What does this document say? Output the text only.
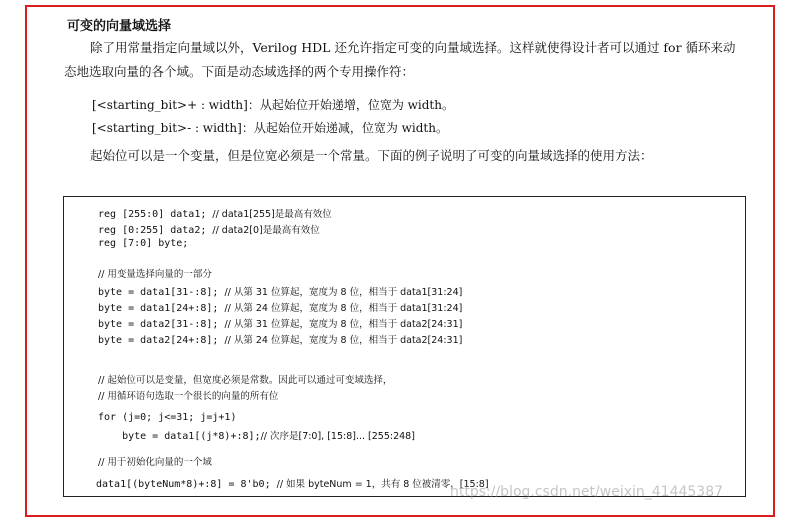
可变的向量域选择
除了用常量指定向量域以外，Verilog HDL 还允许指定可变的向量域选择。这样就使得设计者可以通过 for 循环来动态地选取向量的各个域。下面是动态域选择的两个专用操作符：
[<starting_bit>+ : width]：从起始位开始递增，位宽为 width。
[<starting_bit>- : width]：从起始位开始递减，位宽为 width。
起始位可以是一个变量，但是位宽必须是一个常量。下面的例子说明了可变的向量域选择的使用方法：
reg [255:0] data1; // data1[255]是最高有效位
reg [0:255] data2; // data2[0]是最高有效位
reg [7:0] byte;
// 用变量选择向量的一部分
byte = data1[31-:8]; // 从第 31 位算起，宽度为 8 位，相当于 data1[31:24]
byte = data1[24+:8]; // 从第 24 位算起，宽度为 8 位，相当于 data1[31:24]
byte = data2[31-:8]; // 从第 31 位算起，宽度为 8 位，相当于 data2[24:31]
byte = data2[24+:8]; // 从第 24 位算起，宽度为 8 位，相当于 data2[24:31]
// 起始位可以是变量，但宽度必须是常数。因此可以通过可变域选择，
// 用循环语句选取一个很长的向量的所有位
for (j=0; j<=31; j=j+1)
byte = data1[(j*8)+:8];// 次序是[7:0], [15:8]... [255:248]
// 用于初始化向量的一个域
data1[(byteNum*8)+:8] = 8'b0; // 如果 byteNum = 1，共有 8 位被清零，[15:8]
https://blog.csdn.net/weixin_41445387
